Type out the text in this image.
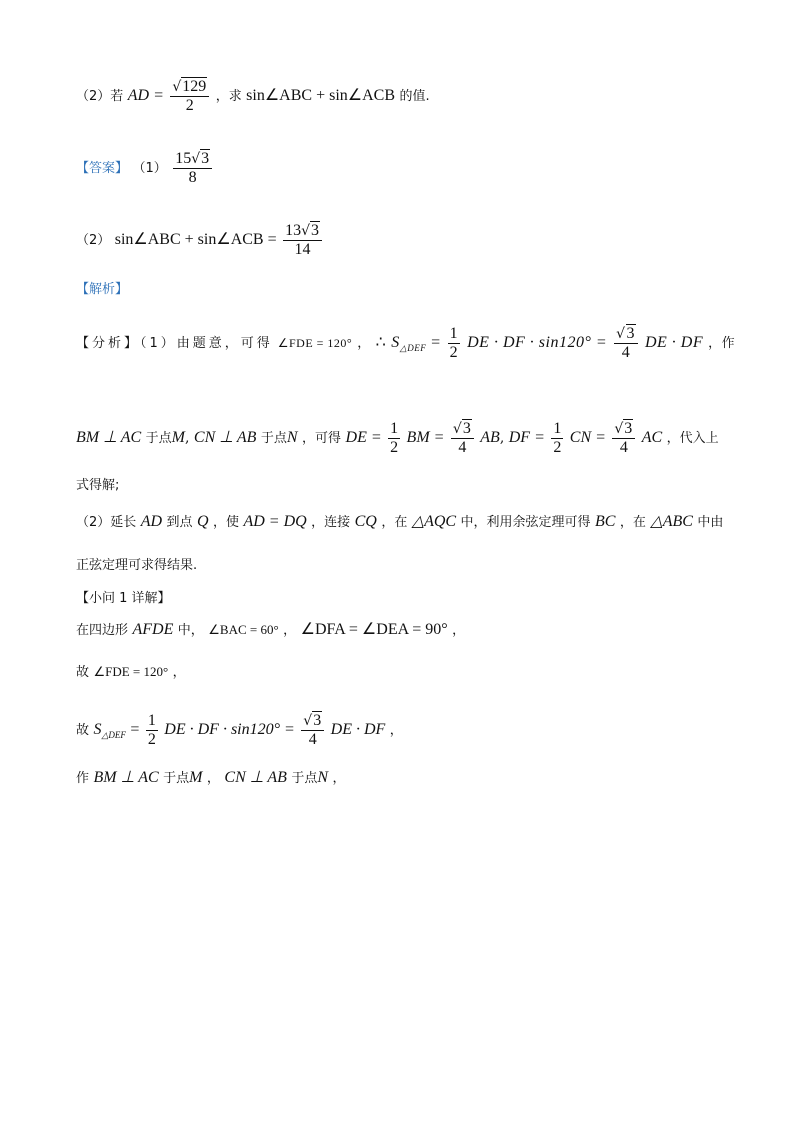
（2）若 AD = $\frac{√129}{2}$ ，求 sin∠ABC + sin∠ACB 的值.
【答案】 $(1) \frac{15√3}{8}$
（2） sin∠ABC + sin∠ACB = $\frac{13√3}{14}$
【解析】
【分析】（1）由题意，可得 ∠FDE = 120° ， ∴ $S_{\triangle DEF} = \frac{1}{2}$ DE · DF · $\sin 120^\circ = \frac{√3}{4}$ DE · DF ，作
BM ⊥ AC 于点M, CN ⊥ AB 于点N ，可得 DE = $\frac{1}{2}$ BM = $\frac{√3}{4}$ AB, DF = $\frac{1}{2}$ CN = $\frac{√3}{4}$ AC ，代入上
式得解;
（2）延长 AD 到点 Q ，使 AD = DQ ，连接 CQ ，在 △AQC 中，利用余弦定理可得 BC ，在 △ABC 中由
正弦定理可求得结果.
【小问 1 详解】
在四边形 AFDE 中， ∠BAC = 60° ， ∠DFA = ∠DEA = 90° ，
故 ∠FDE = 120° ，
故 $S_{\triangle DEF} = \frac{1}{2}$ DE · DF · $\sin 120^\circ = \frac{√3}{4}$ DE · DF ，
作 BM ⊥ AC 于点M ， CN ⊥ AB 于点N ，
